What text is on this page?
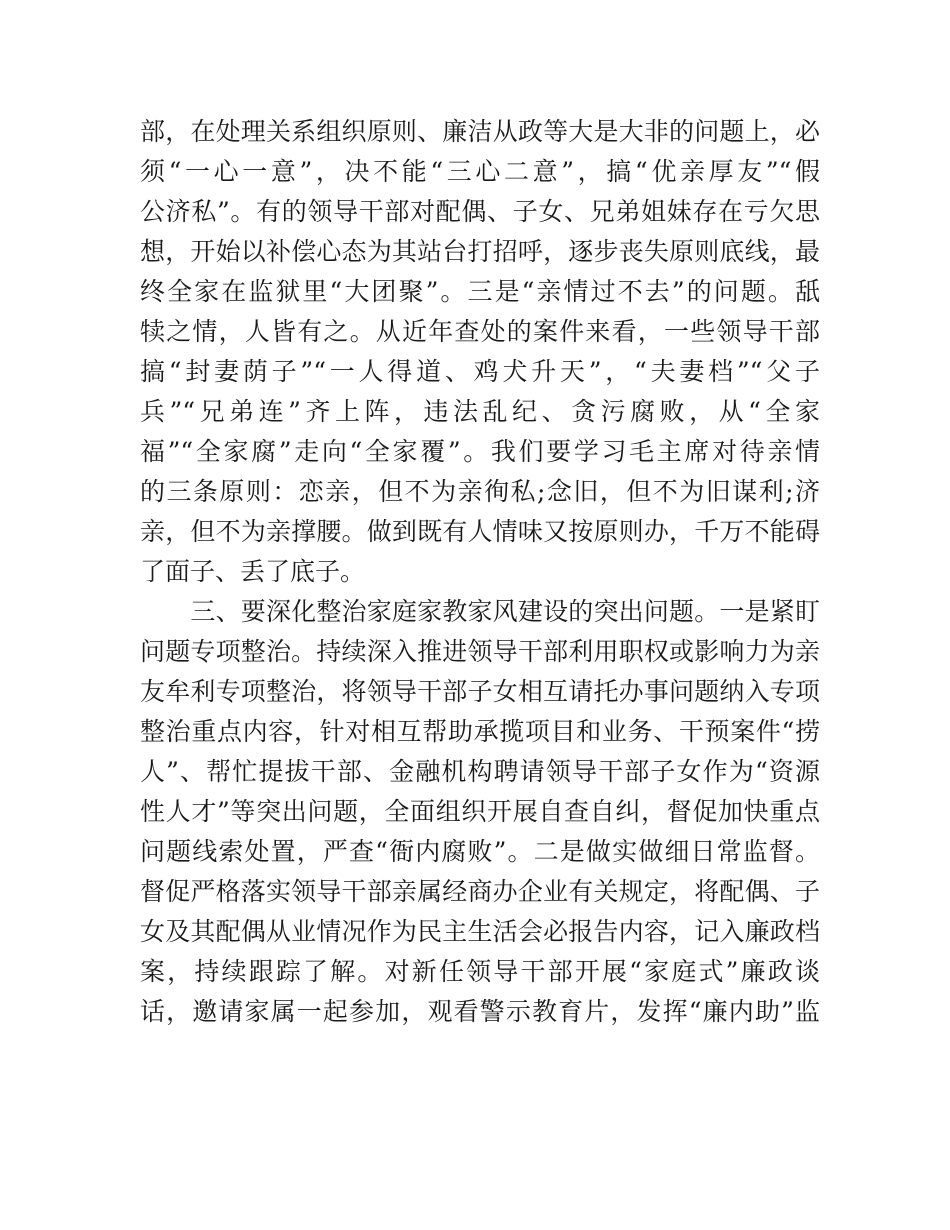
部，在处理关系组织原则、廉洁从政等大是大非的问题上，必
须“一心一意”，决不能“三心二意”，搞“优亲厚友”“假
公济私”。有的领导干部对配偶、子女、兄弟姐妹存在亏欠思
想，开始以补偿心态为其站台打招呼，逐步丧失原则底线，最
终全家在监狱里“大团聚”。三是“亲情过不去”的问题。舐
犊之情，人皆有之。从近年查处的案件来看，一些领导干部
搞“封妻荫子”“一人得道、鸡犬升天”，“夫妻档”“父子
兵”“兄弟连”齐上阵，违法乱纪、贪污腐败，从“全家
福”“全家腐”走向“全家覆”。我们要学习毛主席对待亲情
的三条原则：恋亲，但不为亲徇私;念旧，但不为旧谋利;济
亲，但不为亲撑腰。做到既有人情味又按原则办，千万不能碍
了面子、丢了底子。
　　三、要深化整治家庭家教家风建设的突出问题。一是紧盯
问题专项整治。持续深入推进领导干部利用职权或影响力为亲
友牟利专项整治，将领导干部子女相互请托办事问题纳入专项
整治重点内容，针对相互帮助承揽项目和业务、干预案件“捞
人”、帮忙提拔干部、金融机构聘请领导干部子女作为“资源
性人才”等突出问题，全面组织开展自查自纠，督促加快重点
问题线索处置，严查“衙内腐败”。二是做实做细日常监督。
督促严格落实领导干部亲属经商办企业有关规定，将配偶、子
女及其配偶从业情况作为民主生活会必报告内容，记入廉政档
案，持续跟踪了解。对新任领导干部开展“家庭式”廉政谈
话，邀请家属一起参加，观看警示教育片，发挥“廉内助”监
